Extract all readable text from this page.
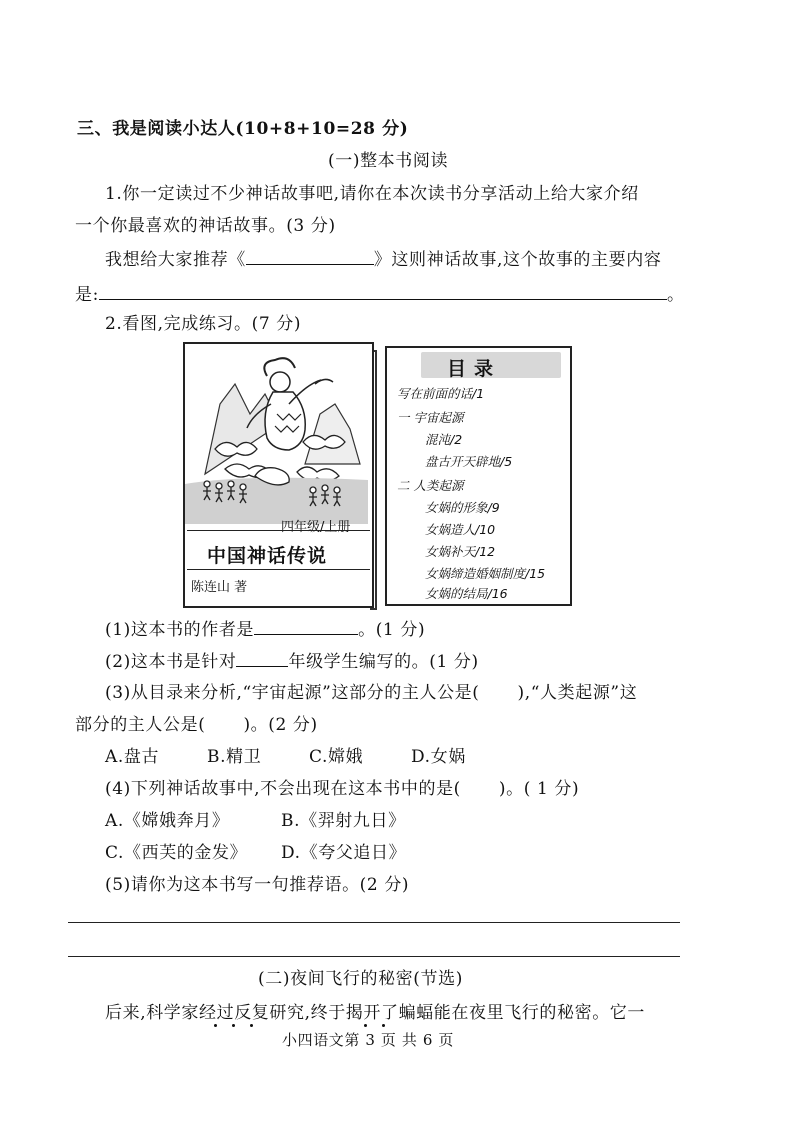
三、我是阅读小达人(10+8+10=28 分)
(一)整本书阅读
1.你一定读过不少神话故事吧,请你在本次读书分享活动上给大家介绍
一个你最喜欢的神话故事。(3 分)
我想给大家推荐《	》这则神话故事,这个故事的主要内容
是:	。
2.看图,完成练习。(7 分)
四年级/上册
中国神话传说
陈连山 著
目录
写在前面的话/1
一 宇宙起源
混沌/2
盘古开天辟地/5
二 人类起源
女娲的形象/9
女娲造人/10
女娲补天/12
女娲缔造婚姻制度/15
女娲的结局/16
(1)这本书的作者是	。(1 分)
(2)这本书是针对	年级学生编写的。(1 分)
(3)从目录来分析,“宇宙起源”这部分的主人公是( ),“人类起源”这
部分的主人公是( )。(2 分)
A.盘古	B.精卫	C.嫦娥	D.女娲
(4)下列神话故事中,不会出现在这本书中的是( )。( 1 分)
A.《嫦娥奔月》	B.《羿射九日》
C.《西芙的金发》 D.《夸父追日》
(5)请你为这本书写一句推荐语。(2 分)
(二)夜间飞行的秘密(节选)
后来,科学家经过反复研究,终于揭开了蝙蝠能在夜里飞行的秘密。它一
小四语文第 3 页 共 6 页
